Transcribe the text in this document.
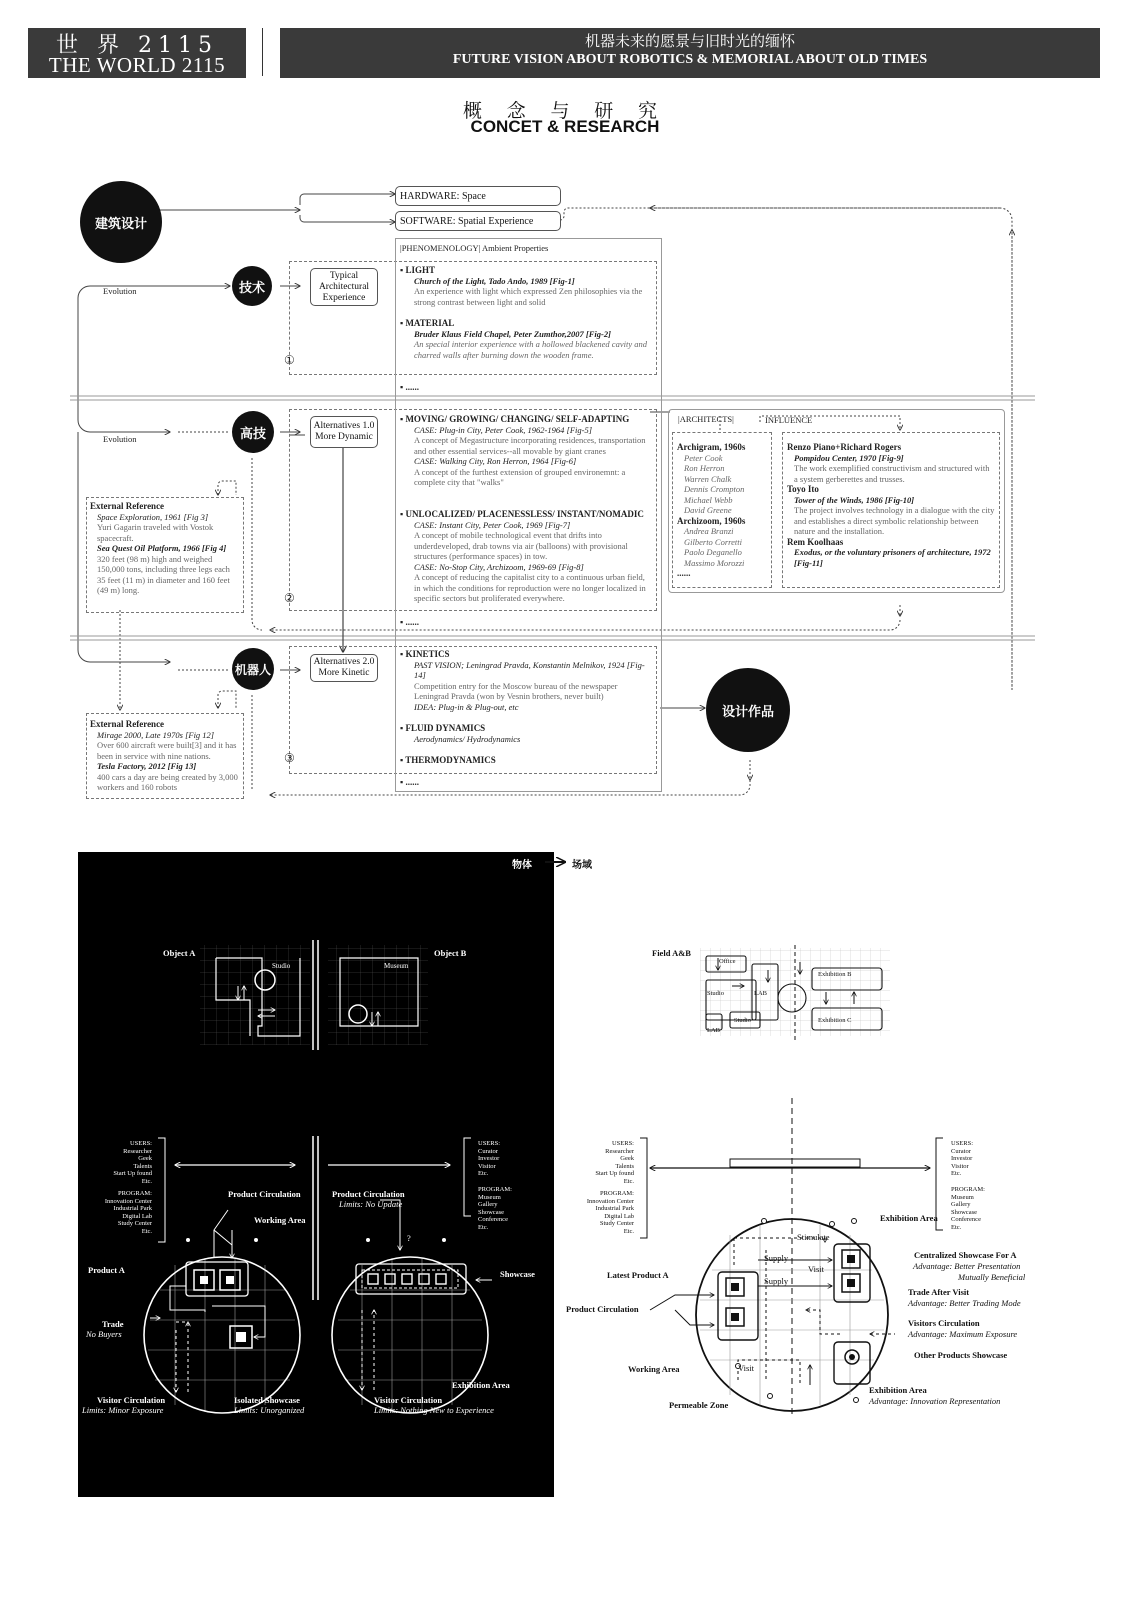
世 界 2115
THE WORLD 2115
机器未来的愿景与旧时光的缅怀
FUTURE VISION ABOUT ROBOTICS & MEMORIAL ABOUT OLD TIMES
概 念 与 研 究
CONCET & RESEARCH
建筑设计
技术
高技
机器人
设计作品
HARDWARE: Space
SOFTWARE: Spatial Experience
Evolution
Evolution
Typical Architectural Experience
Alternatives 1.0 More Dynamic
Alternatives 2.0 More Kinetic
①
②
③
|PHENOMENOLOGY| Ambient Properties
▪ LIGHT
Church of the Light, Tado Ando, 1989 [Fig-1]
An experience with light which expressed Zen philosophies via the strong contrast between light and solid
▪ MATERIAL
Bruder Klaus Field Chapel, Peter Zumthor,2007 [Fig-2]
An special interior experience with a hollowed blackened cavity and charred walls after burning down the wooden frame.
▪ ......
▪ MOVING/ GROWING/ CHANGING/ SELF-ADAPTING
CASE: Plug-in City, Peter Cook, 1962-1964 [Fig-5]
A concept of Megastructure incorporating residences, transportation and other essential services--all movable by giant cranes
CASE: Walking City, Ron Herron, 1964 [Fig-6]
A concept of the furthest extension of grouped environemnt: a complete city that "walks"
▪ UNLOCALIZED/ PLACENESSLESS/ INSTANT/NOMADIC
CASE: Instant City, Peter Cook, 1969 [Fig-7]
A concept of mobile technological event that drifts into underdeveloped, drab towns via air (balloons) with provisional structures (performance spaces) in tow.
CASE: No-Stop City, Archizoom, 1969-69 [Fig-8]
A concept of reducing the capitalist city to a continuous urban field, in which the conditions for reproduction were no longer localized in specific sectors but proliferated everywhere.
▪ ......
▪ KINETICS
PAST VISION; Leningrad Pravda, Konstantin Melnikov, 1924 [Fig-14]
Competition entry for the Moscow bureau of the newspaper Leningrad Pravda (won by Vesnin brothers, never built)
IDEA: Plug-in & Plug-out, etc
▪ FLUID DYNAMICS
Aerodynamics/ Hydrodynamics
▪ THERMODYNAMICS
▪ ......
|ARCHITECTS|	INFLUENCE
Archigram, 1960s
Peter Cook
Ron Herron
Warren Chalk
Dennis Crompton
Michael Webb
David Greene
Archizoom, 1960s
Andrea Branzi
Gilberto Corretti
Paolo Deganello
Massimo Morozzi
......
Renzo Piano+Richard Rogers
Pompidou Center, 1970 [Fig-9]
The work exemplified constructivism and structured with a system gerberettes and trusses.
Toyo Ito
Tower of the Winds, 1986 [Fig-10]
The project involves technology in a dialogue with the city and establishes a direct symbolic relationship between nature and the installation.
Rem Koolhaas
Exodus, or the voluntary prisoners of architecture, 1972 [Fig-11]
External Reference
Space Exploration, 1961 [Fig 3]
Yuri Gagarin traveled with Vostok spacecraft.
Sea Quest Oil Platform, 1966 [Fig 4]
320 feet (98 m) high and weighed 150,000 tons, including three legs each 35 feet (11 m) in diameter and 160 feet (49 m) long.
External Reference
Mirage 2000, Late 1970s [Fig 12]
Over 600 aircraft were built[3] and it has been in service with nine nations.
Tesla Factory, 2012 [Fig 13]
400 cars a day are being created by 3,000 workers and 160 robots
物体	场域
Object A
Studio	Museum
Object B	Field A&B
Office
Exhibition B
Exhibition C
Studio	LAB
LAB
Studio
USERS:
Researcher
Geek
Talents
Start Up found
Etc.
PROGRAM:
Innovation Center
Industrial Park
Digital Lab
Study Center
Etc.
USERS:
Curator
Investor
Visitor
Etc.
PROGRAM:
Museum
Gallery
Showcase
Conference
Etc.
USERS:
Researcher
Geek
Talents
Start Up found
Etc.
PROGRAM:
Innovation Center
Industrial Park
Digital Lab
Study Center
Etc.
USERS:
Curator
Investor
Visitor
Etc.
PROGRAM:
Museum
Gallery
Showcase
Conference
Etc.
Product Circulation
Working Area
Product A
Trade
No Buyers
Visitor Circulation
Limits: Minor Exposure
Isolated Showcase
Limits: Unorganized
Product Circulation
Limits: No Update
?
Showcase
Exhibition Area
Visitor Circulation
Limits: Nothing New to Experience
Exhibition Area
Stimulate
Supply
Supply
Visit
Visit
Latest Product A
Product Circulation
Working Area
Permeable Zone
Centralized Showcase For A
Advantage: Better Presentation
Mutually Beneficial
Trade After Visit
Advantage: Better Trading Mode
Visitors Circulation
Advantage: Maximum Exposure
Other Products Showcase
Exhibition Area
Advantage: Innovation Representation
